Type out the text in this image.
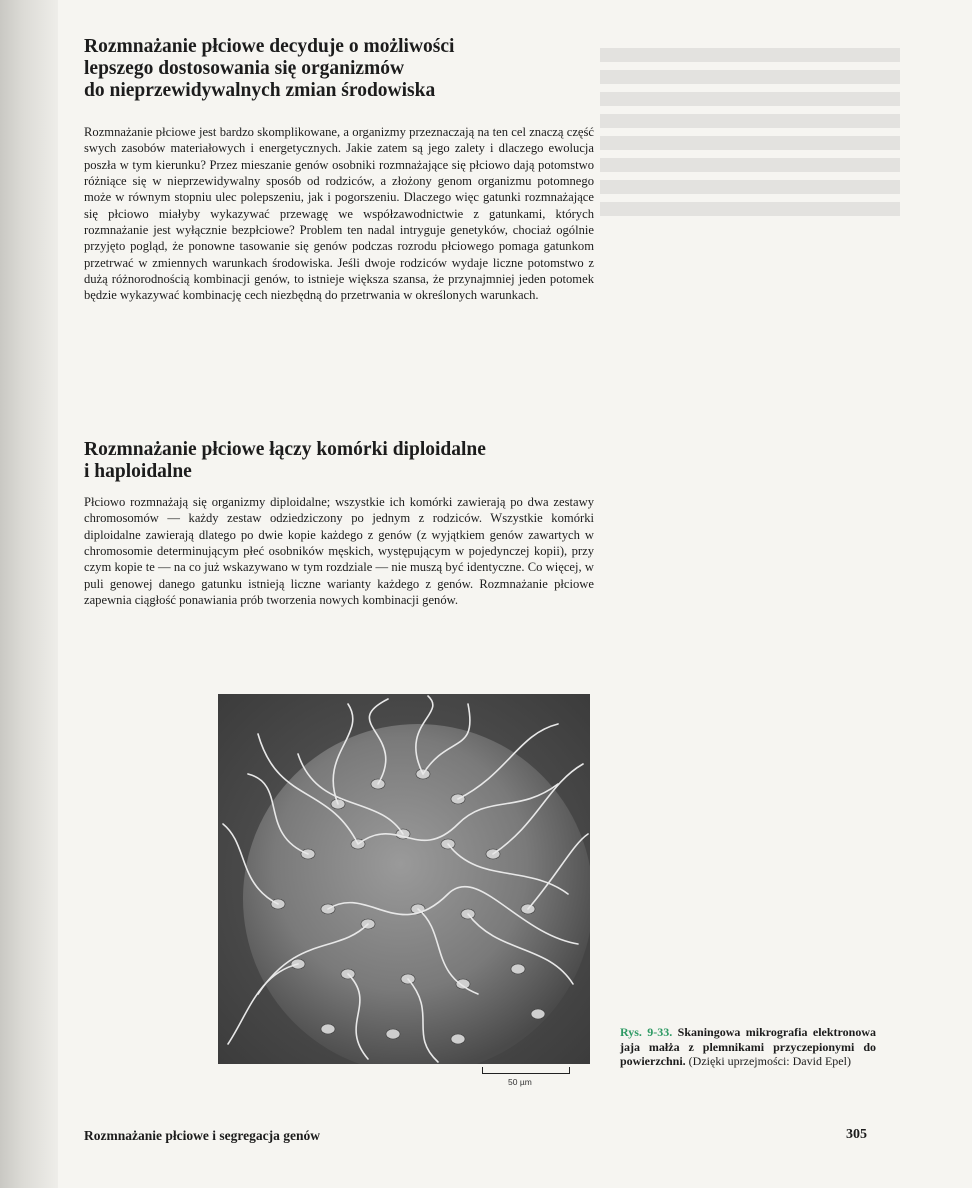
Rozmnażanie płciowe decyduje o możliwości
lepszego dostosowania się organizmów
do nieprzewidywalnych zmian środowiska

Rozmnażanie płciowe jest bardzo skomplikowane, a organizmy przeznaczają na ten cel znaczą część swych zasobów materiałowych i energetycznych. Jakie zatem są jego zalety i dlaczego ewolucja poszła w tym kierunku? Przez mieszanie genów osobniki rozmnażające się płciowo dają potomstwo różniące się w nieprzewidywalny sposób od rodziców, a złożony genom organizmu potomnego może w równym stopniu ulec polepszeniu, jak i pogorszeniu. Dlaczego więc gatunki rozmnażające się płciowo miałyby wykazywać przewagę we współzawodnictwie z gatunkami, których rozmnażanie jest wyłącznie bezpłciowe? Problem ten nadal intryguje genetyków, chociaż ogólnie przyjęto pogląd, że ponowne tasowanie się genów podczas rozrodu płciowego pomaga gatunkom przetrwać w zmiennych warunkach środowiska. Jeśli dwoje rodziców wydaje liczne potomstwo z dużą różnorodnością kombinacji genów, to istnieje większa szansa, że przynajmniej jeden potomek będzie wykazywać kombinację cech niezbędną do przetrwania w określonych warunkach.

Rozmnażanie płciowe łączy komórki diploidalne
i haploidalne

Płciowo rozmnażają się organizmy diploidalne; wszystkie ich komórki zawierają po dwa zestawy chromosomów — każdy zestaw odziedziczony po jednym z rodziców. Wszystkie komórki diploidalne zawierają dlatego po dwie kopie każdego z genów (z wyjątkiem genów zawartych w chromosomie determinującym płeć osobników męskich, występującym w pojedynczej kopii), przy czym kopie te — na co już wskazywano w tym rozdziale — nie muszą być identyczne. Co więcej, w puli genowej danego gatunku istnieją liczne warianty każdego z genów. Rozmnażanie płciowe zapewnia ciągłość ponawiania prób tworzenia nowych kombinacji genów.

50 µm
Rys. 9-33. Skaningowa mikrografia elektronowa jaja małża z plemnikami przyczepionymi do powierzchni. (Dzięki uprzejmości: David Epel)
Rozmnażanie płciowe i segregacja genów	305
